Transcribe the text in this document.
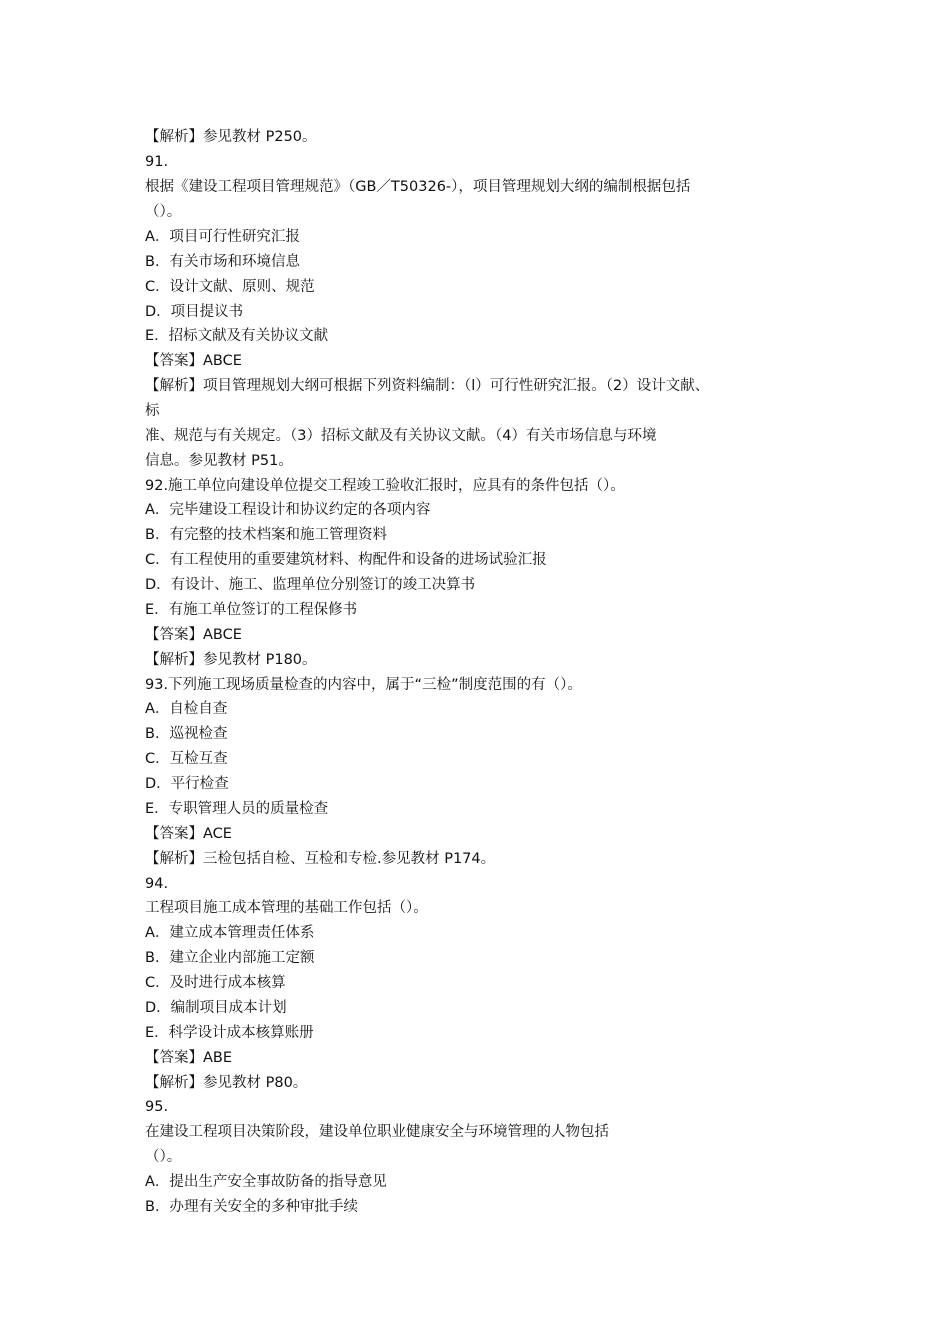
【解析】参见教材 P250。
91.
根据《建设工程项目管理规范》（GB／T50326-），项目管理规划大纲的编制根据包括
（）。
A．项目可行性研究汇报
B．有关市场和环境信息
C．设计文献、原则、规范
D．项目提议书
E．招标文献及有关协议文献
【答案】ABCE
【解析】项目管理规划大纲可根据下列资料编制：（l）可行性研究汇报。（2）设计文献、
标
准、规范与有关规定。（3）招标文献及有关协议文献。（4）有关市场信息与环境
信息。参见教材 P51。
92.施工单位向建设单位提交工程竣工验收汇报时，应具有的条件包括（）。
A．完毕建设工程设计和协议约定的各项内容
B．有完整的技术档案和施工管理资料
C．有工程使用的重要建筑材料、构配件和设备的进场试验汇报
D．有设计、施工、监理单位分别签订的竣工决算书
E．有施工单位签订的工程保修书
【答案】ABCE
【解析】参见教材 P180。
93.下列施工现场质量检查的内容中，属于“三检”制度范围的有（）。
A．自检自查
B．巡视检查
C．互检互查
D．平行检查
E．专职管理人员的质量检查
【答案】ACE
【解析】三检包括自检、互检和专检.参见教材 P174。
94.
工程项目施工成本管理的基础工作包括（）。
A．建立成本管理责任体系
B．建立企业内部施工定额
C．及时进行成本核算
D．编制项目成本计划
E．科学设计成本核算账册
【答案】ABE
【解析】参见教材 P80。
95.
在建设工程项目决策阶段，建设单位职业健康安全与环境管理的人物包括
（）。
A．提出生产安全事故防备的指导意见
B．办理有关安全的多种审批手续
